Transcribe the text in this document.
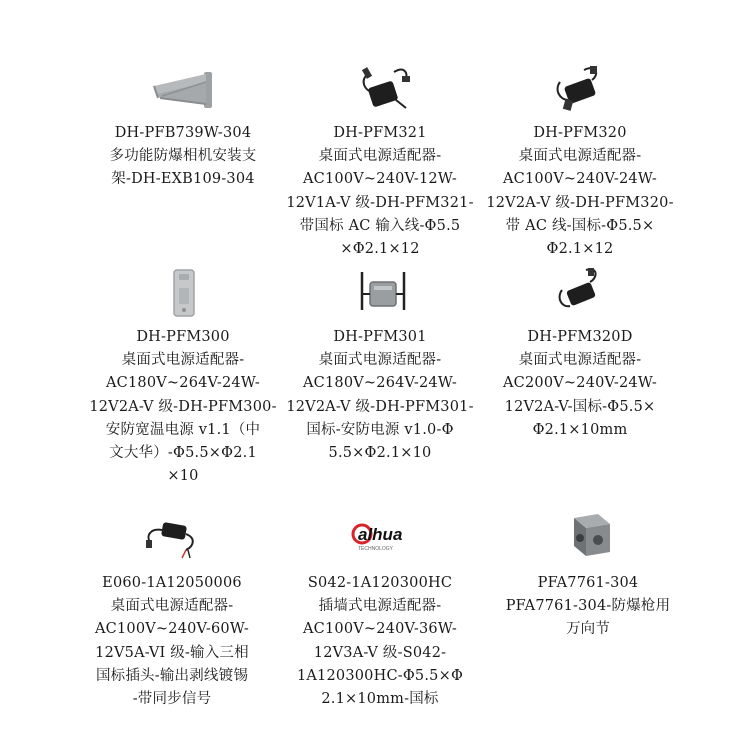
DH-PFB739W-304
多功能防爆相机安装支
架-DH-EXB109-304
DH-PFM321
桌面式电源适配器-
AC100V~240V-12W-
12V1A-V 级-DH-PFM321-
带国标 AC 输入线-Φ5.5
×Φ2.1×12
DH-PFM320
桌面式电源适配器-
AC100V~240V-24W-
12V2A-V 级-DH-PFM320-
带 AC 线-国标-Φ5.5×
Φ2.1×12
DH-PFM300
桌面式电源适配器-
AC180V~264V-24W-
12V2A-V 级-DH-PFM300-
安防宽温电源 v1.1（中
文大华）-Φ5.5×Φ2.1
×10
DH-PFM301
桌面式电源适配器-
AC180V~264V-24W-
12V2A-V 级-DH-PFM301-
国标-安防电源 v1.0-Φ
5.5×Φ2.1×10
DH-PFM320D
桌面式电源适配器-
AC200V~240V-24W-
12V2A-V-国标-Φ5.5×
Φ2.1×10mm
E060-1A12050006
桌面式电源适配器-
AC100V~240V-60W-
12V5A-VI 级-输入三相
国标插头-输出剥线镀锡
-带同步信号
alhua
TECHNOLOGY
S042-1A120300HC
插墙式电源适配器-
AC100V~240V-36W-
12V3A-V 级-S042-
1A120300HC-Φ5.5×Φ
2.1×10mm-国标
PFA7761-304
PFA7761-304-防爆枪用
万向节
